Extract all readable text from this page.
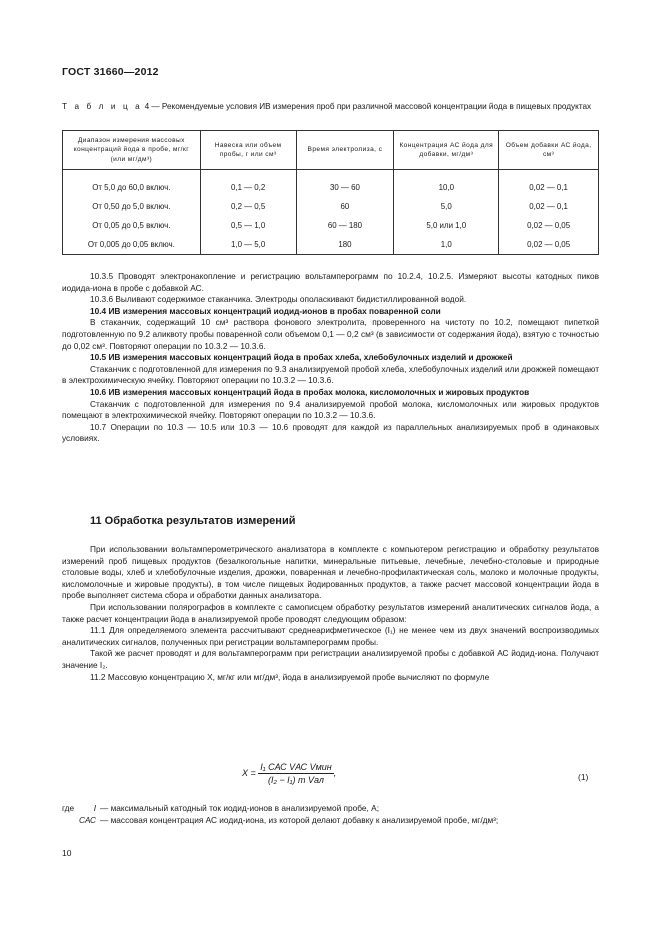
ГОСТ 31660—2012
Т а б л и ц а 4 — Рекомендуемые условия ИВ измерения проб при различной массовой концентрации йода в пищевых продуктах
Диапазон измерения массовых концентраций йода в пробе, мг/кг (или мг/дм³)	Навеска или объем пробы, г или см³	Время электролиза, с	Концентрация АС йода для добавки, мг/дм³	Объем добавки АС йода, см³
От 5,0 до 60,0 включ.	0,1 — 0,2	30 — 60	10,0	0,02 — 0,1
От 0,50 до 5,0 включ.	0,2 — 0,5	60	5,0	0,02 — 0,1
От 0,05 до 0,5 включ.	0,5 — 1,0	60 — 180	5,0 или 1,0	0,02 — 0,05
От 0,005 до 0,05 включ.	1,0 — 5,0	180	1,0	0,02 — 0,05

10.3.5 Проводят электронакопление и регистрацию вольтамперограмм по 10.2.4, 10.2.5. Измеряют высоты катодных пиков иодида-иона в пробе с добавкой АС.

10.3.6 Выливают содержимое стаканчика. Электроды ополаскивают бидистиллированной водой.

10.4 ИВ измерения массовых концентраций иодид-ионов в пробах поваренной соли

В стаканчик, содержащий 10 см³ раствора фонового электролита, проверенного на чистоту по 10.2, помещают пипеткой подготовленную по 9.2 аликвоту пробы поваренной соли объемом 0,1 — 0,2 см³ (в зависимости от содержания йода), взятую с точностью до 0,02 см³. Повторяют операции по 10.3.2 — 10.3.6.

10.5 ИВ измерения массовых концентраций йода в пробах хлеба, хлебобулочных изделий и дрожжей

Стаканчик с подготовленной для измерения по 9.3 анализируемой пробой хлеба, хлебобулочных изделий или дрожжей помещают в электрохимическую ячейку. Повторяют операции по 10.3.2 — 10.3.6.

10.6 ИВ измерения массовых концентраций йода в пробах молока, кисломолочных и жировых продуктов

Стаканчик с подготовленной для измерения по 9.4 анализируемой пробой молока, кисломолочных или жировых продуктов помещают в электрохимической ячейку. Повторяют операции по 10.3.2 — 10.3.6.

10.7 Операции по 10.3 — 10.5 или 10.3 — 10.6 проводят для каждой из параллельных анализируемых проб в одинаковых условиях.

11 Обработка результатов измерений

При использовании вольтамперометрического анализатора в комплекте с компьютером регистрацию и обработку результатов измерений проб пищевых продуктов (безалкогольные напитки, минеральные питьевые, лечебные, лечебно-столовые и природные столовые воды, хлеб и хлебобулочные изделия, дрожжи, поваренная и лечебно-профилактическая соль, молоко и молочные продукты, кисломолочные и жировые продукты), в том числе пищевых йодированных продуктов, а также расчет массовой концентрации йода в пробе выполняет система сбора и обработки данных анализатора.

При использовании полярографов в комплекте с самописцем обработку результатов измерений аналитических сигналов йода, а также расчет концентрации йода в анализируемой пробе проводят следующим образом:

11.1 Для определяемого элемента рассчитывают среднеарифметическое (I₁) не менее чем из двух значений воспроизводимых аналитических сигналов, полученных при регистрации вольтамперограмм пробы.

Такой же расчет проводят и для вольтамперограмм при регистрации анализируемой пробы с добавкой АС йодид-иона. Получают значение I₂.

11.2 Массовую концентрацию X, мг/кг или мг/дм³, йода в анализируемой пробе вычисляют по формуле

$X = \frac{\text{I₁ CАС VАС Vмин}}{\text{(I₂ − I₁) m Vал}}$ ,	(1)
где	I — максимальный катодный ток иодид-ионов в анализируемой пробе, А;
CАС — массовая концентрация АС иодид-иона, из которой делают добавку к анализируемой пробе, мг/дм³;
10
